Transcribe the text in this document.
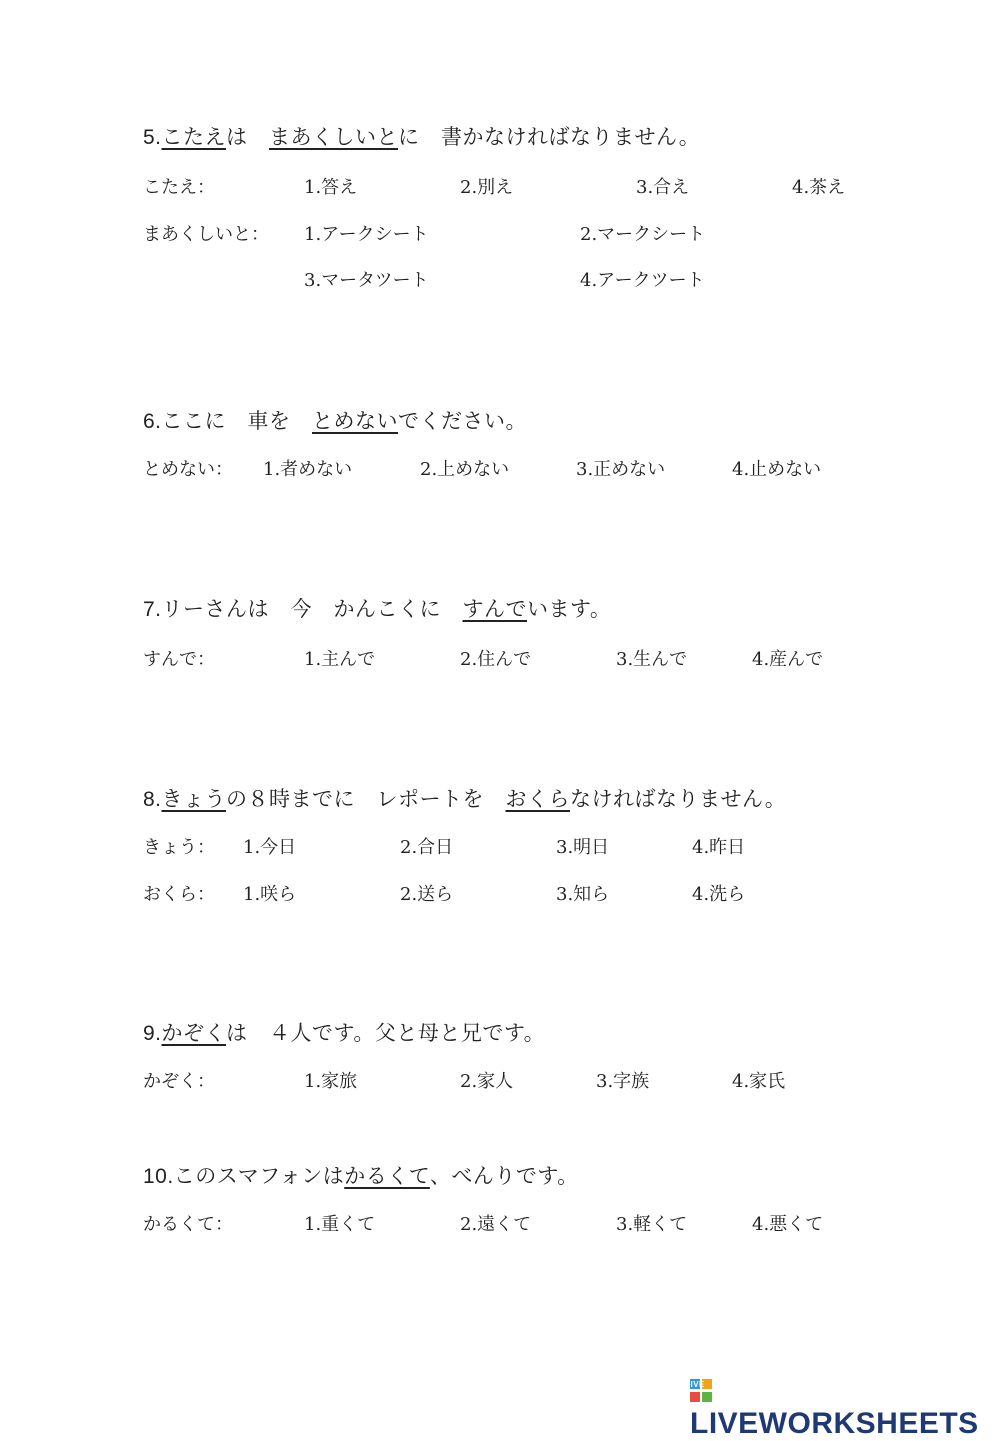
5.こたえは　まあくしいとに　書かなければなりません。
こたえ：	1.答え	2.別え	3.合え	4.茶え
まあくしいと： 1.アークシート	2.マークシート
3.マータツート	4.アークツート
6.ここに　車を　とめないでください。
とめない： 1.者めない	2.上めない	3.正めない	4.止めない
7.リーさんは　今　かんこくに　すんでいます。
すんで：	1.主んで	2.住んで	3.生んで	4.産んで
8.きょうの８時までに　レポートを　おくらなければなりません。
きょう： 1.今日	2.合日	3.明日	4.昨日
おくら： 1.咲ら	2.送ら	3.知ら	4.洗ら
9.かぞくは　４人です。父と母と兄です。
かぞく：	1.家旅	2.家人	3.字族	4.家氏
10.このスマフォンはかるくて、べんりです。
かるくて：	1.重くて	2.遠くて	3.軽くて	4.悪くて
LIVE
LIVEWORKSHEETS
